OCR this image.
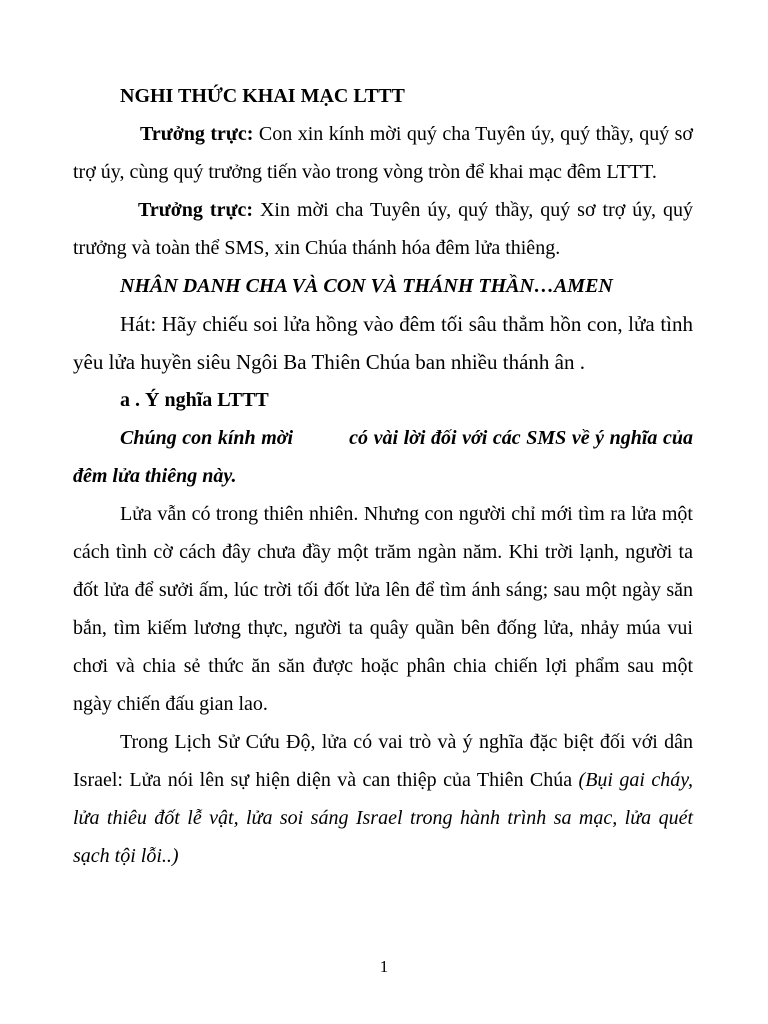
NGHI THỨC KHAI MẠC LTTT

Trưởng trực: Con xin kính mời quý cha Tuyên úy, quý thầy, quý sơ trợ úy, cùng quý trưởng tiến vào trong vòng tròn để khai mạc đêm LTTT.

Trưởng trực: Xin mời cha Tuyên úy, quý thầy, quý sơ trợ úy, quý trưởng và toàn thể SMS, xin Chúa thánh hóa đêm lửa thiêng.

NHÂN DANH CHA VÀ CON VÀ THÁNH THẦN…AMEN

Hát: Hãy chiếu soi lửa hồng vào đêm tối sâu thẳm hồn con, lửa tình yêu lửa huyền siêu Ngôi Ba Thiên Chúa ban nhiều thánh ân .

a . Ý nghĩa LTTT

Chúng con kính mời	có vài lời đối với các SMS về ý nghĩa của đêm lửa thiêng này.

Lửa vẫn có trong thiên nhiên. Nhưng con người chỉ mới tìm ra lửa một cách tình cờ cách đây chưa đầy một trăm ngàn năm. Khi trời lạnh, người ta đốt lửa để sưởi ấm, lúc trời tối đốt lửa lên để tìm ánh sáng; sau một ngày săn bắn, tìm kiếm lương thực, người ta quây quần bên đống lửa, nhảy múa vui chơi và chia sẻ thức ăn săn được hoặc phân chia chiến lợi phẩm sau một ngày chiến đấu gian lao.

Trong Lịch Sử Cứu Độ, lửa có vai trò và ý nghĩa đặc biệt đối với dân Israel: Lửa nói lên sự hiện diện và can thiệp của Thiên Chúa (Bụi gai cháy, lửa thiêu đốt lễ vật, lửa soi sáng Israel trong hành trình sa mạc, lửa quét sạch tội lỗi..)

1
